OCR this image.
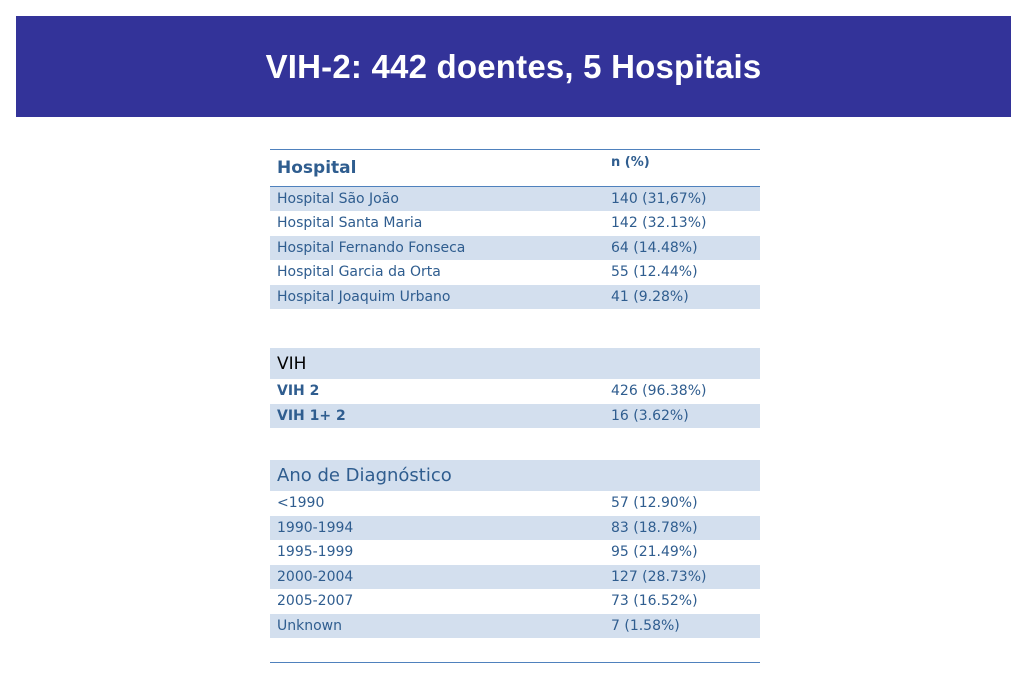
VIH-2: 442 doentes, 5 Hospitais
Hospital	n (%)
Hospital São João	140 (31,67%)
Hospital Santa Maria	142 (32.13%)
Hospital Fernando Fonseca	64 (14.48%)
Hospital Garcia da Orta	55 (12.44%)
Hospital Joaquim Urbano	41 (9.28%)

VIH	
VIH 2	426 (96.38%)
VIH 1+ 2	16 (3.62%)

Ano de Diagnóstico	
<1990	57 (12.90%)
1990-1994	83 (18.78%)
1995-1999	95 (21.49%)
2000-2004	127 (28.73%)
2005-2007	73 (16.52%)
Unknown	7 (1.58%)
